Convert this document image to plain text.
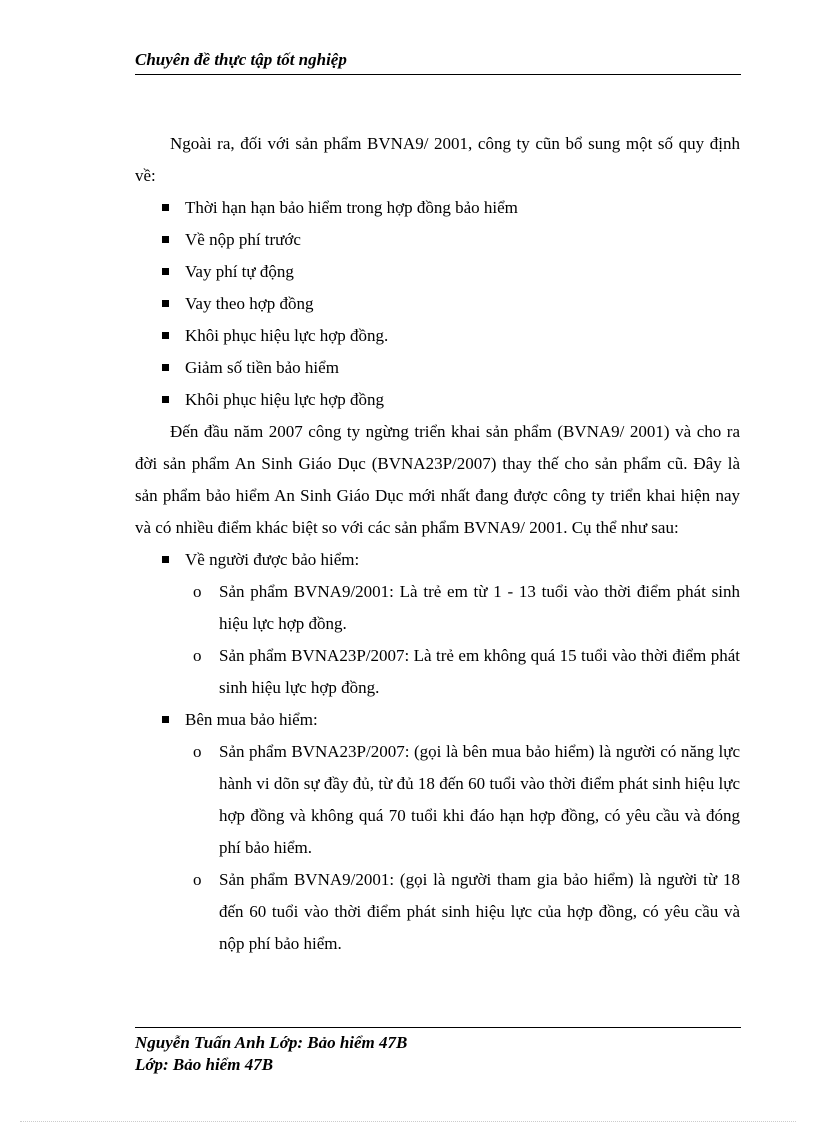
Chuyên đề thực tập tốt nghiệp

Ngoài ra, đối với sản phẩm BVNA9/ 2001, công ty cũn bổ sung một số quy định về:

Thời hạn hạn bảo hiểm trong hợp đồng bảo hiểm
Về nộp phí trước
Vay phí tự động
Vay theo hợp đồng
Khôi phục hiệu lực hợp đồng.
Giảm số tiền bảo hiểm
Khôi phục hiệu lực hợp đồng

Đến đầu năm 2007 công ty ngừng triển khai sản phẩm (BVNA9/ 2001) và cho ra đời sản phẩm An Sinh Giáo Dục (BVNA23P/2007) thay thế cho sản phẩm cũ. Đây là sản phẩm bảo hiểm An Sinh Giáo Dục mới nhất đang được công ty triển khai hiện nay và có nhiều điểm khác biệt so với các sản phẩm BVNA9/ 2001. Cụ thể như sau:

Về người được bảo hiểm:
o Sản phẩm BVNA9/2001: Là trẻ em từ 1 - 13 tuổi vào thời điểm phát sinh hiệu lực hợp đồng.
o Sản phẩm BVNA23P/2007: Là trẻ em không quá 15 tuổi vào thời điểm phát sinh hiệu lực hợp đồng.
Bên mua bảo hiểm:
o Sản phẩm BVNA23P/2007: (gọi là bên mua bảo hiểm) là người có năng lực hành vi dõn sự đầy đủ, từ đủ 18 đến 60 tuổi vào thời điểm phát sinh hiệu lực hợp đồng và không quá 70 tuổi khi đáo hạn hợp đồng, có yêu cầu và đóng phí bảo hiểm.
o Sản phẩm BVNA9/2001: (gọi là người tham gia bảo hiểm) là người từ 18 đến 60 tuổi vào thời điểm phát sinh hiệu lực của hợp đồng, có yêu cầu và nộp phí bảo hiểm.
Nguyễn Tuấn Anh Lớp: Bảo hiểm 47B
Lớp: Bảo hiểm 47B
